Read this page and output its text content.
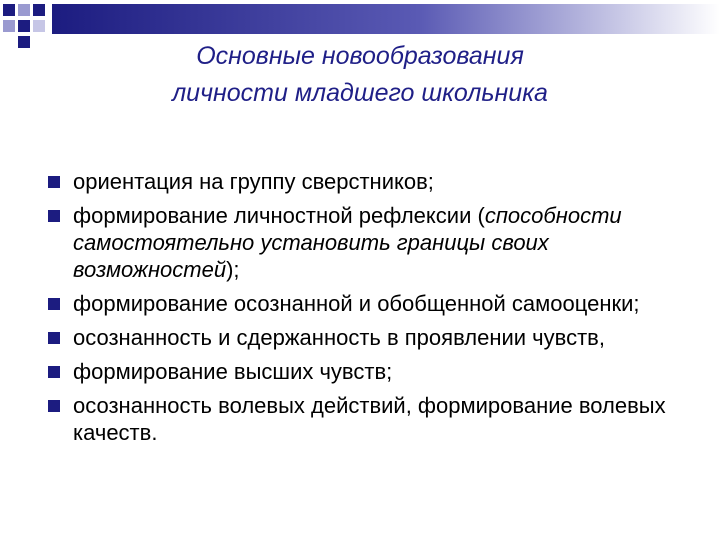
Основные новообразования
личности младшего школьника
ориентация на группу сверстников;
формирование личностной рефлексии (способности самостоятельно установить границы своих возможностей);
формирование осознанной и обобщенной самооценки;
осознанность и сдержанность в проявлении чувств,
формирование высших чувств;
осознанность волевых действий, формирование волевых качеств.
